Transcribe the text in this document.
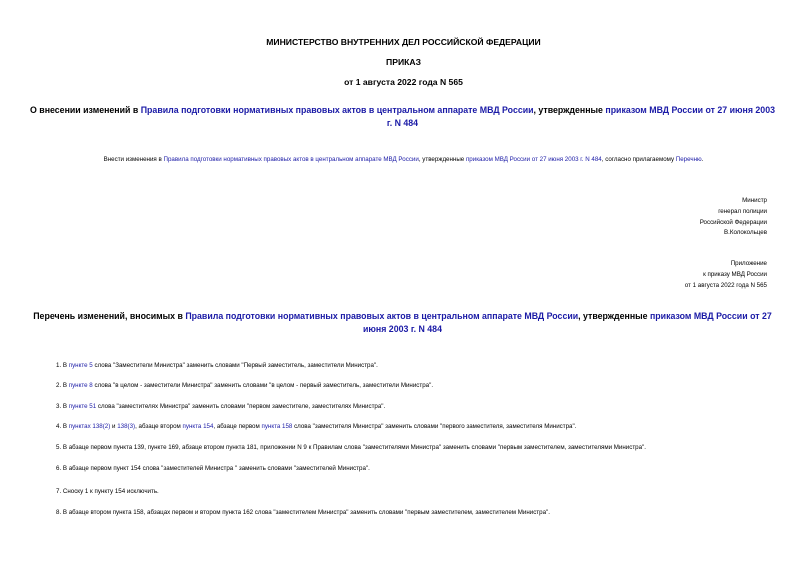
МИНИСТЕРСТВО ВНУТРЕННИХ ДЕЛ РОССИЙСКОЙ ФЕДЕРАЦИИ
ПРИКАЗ
от 1 августа 2022 года N 565
О внесении изменений в Правила подготовки нормативных правовых актов в центральном аппарате МВД России, утвержденные приказом МВД России от 27 июня 2003 г. N 484
Внести изменения в Правила подготовки нормативных правовых актов в центральном аппарате МВД России, утвержденные приказом МВД России от 27 июня 2003 г. N 484, согласно прилагаемому Перечню.
Министр
генерал полиции
Российской Федерации
В.Колокольцев
Приложение
к приказу МВД России
от 1 августа 2022 года N 565
Перечень изменений, вносимых в Правила подготовки нормативных правовых актов в центральном аппарате МВД России, утвержденные приказом МВД России от 27 июня 2003 г. N 484
1. В пункте 5 слова "Заместители Министра" заменить словами "Первый заместитель, заместители Министра".
2. В пункте 8 слова "в целом - заместители Министра" заменить словами "в целом - первый заместитель, заместители Министра".
3. В пункте 51 слова "заместителях Министра" заменить словами "первом заместителе, заместителях Министра".
4. В пунктах 138(2) и 138(3), абзаце втором пункта 154, абзаце первом пункта 158 слова "заместителя Министра" заменить словами "первого заместителя, заместителя Министра".
5. В абзаце первом пункта 139, пункте 169, абзаце втором пункта 181, приложении N 9 к Правилам слова "заместителями Министра" заменить словами "первым заместителем, заместителями Министра".
6. В абзаце первом пункт 154 слова "заместителей Министра " заменить словами "заместителей Министра".
7. Сноску 1 к пункту 154 исключить.
8. В абзаце втором пункта 158, абзацах первом и втором пункта 162 слова "заместителем Министра" заменить словами "первым заместителем, заместителем Министра".
